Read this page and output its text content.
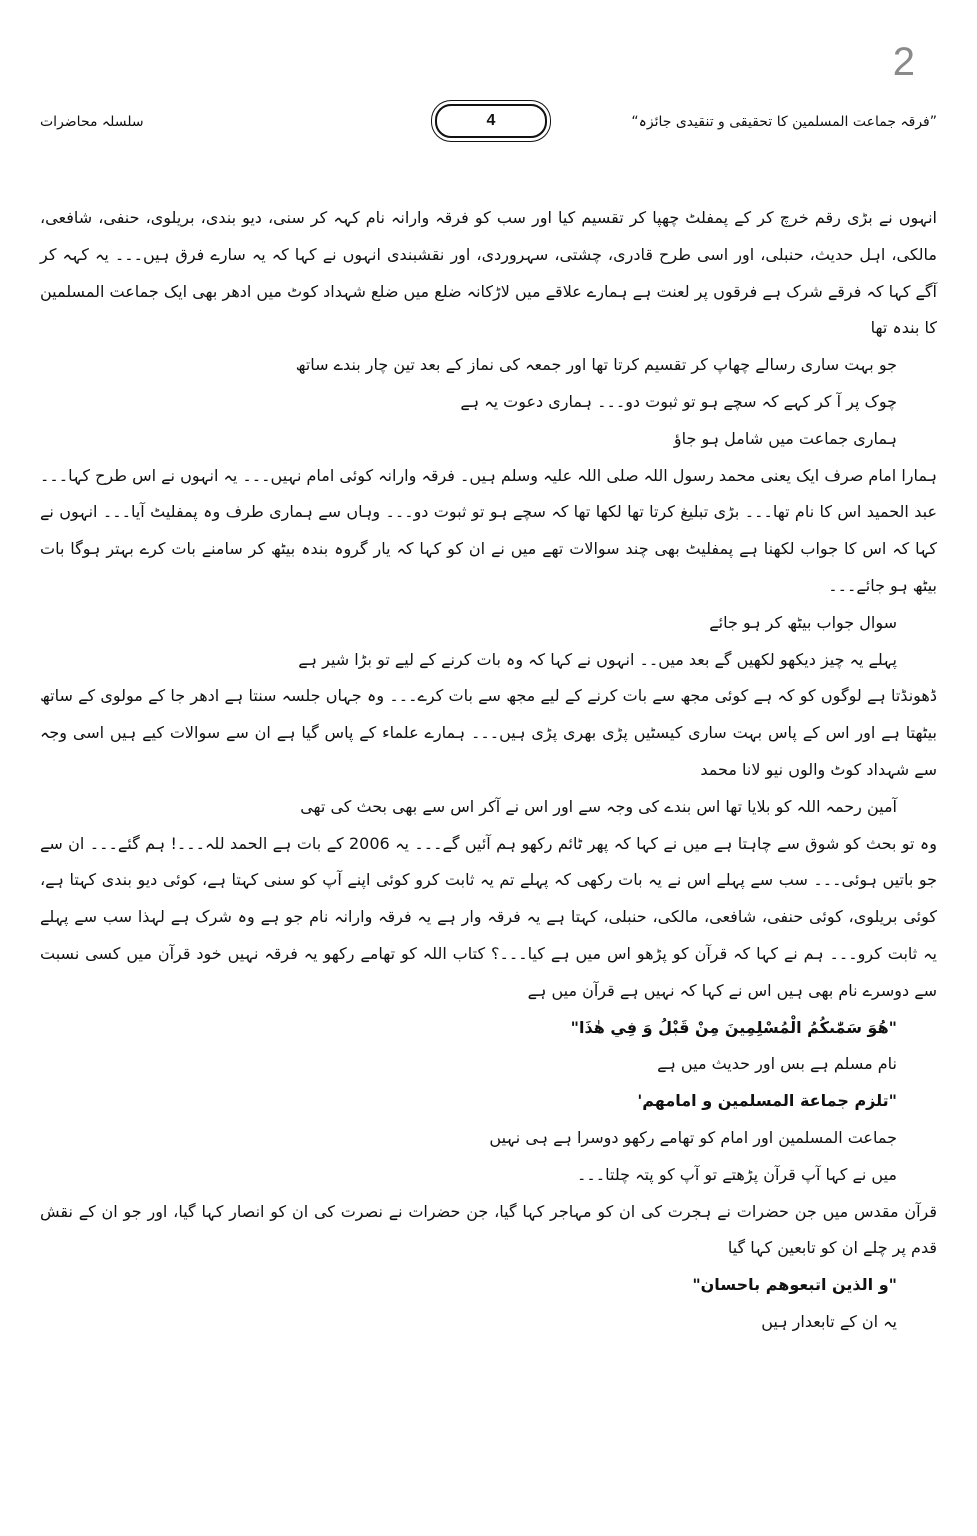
2
سلسلہ محاضرات	4	”فرقہ جماعت المسلمین کا تحقیقی و تنقیدی جائزہ“

انہوں نے بڑی رقم خرچ کر کے پمفلٹ چھپا کر تقسیم کیا اور سب کو فرقہ وارانہ نام کہہ کر سنی، دیو بندی، بریلوی، حنفی، شافعی، مالکی، اہل حدیث، حنبلی، اور اسی طرح قادری، چشتی، سہروردی، اور نقشبندی انہوں نے کہا کہ یہ سارے فرق ہیں۔۔۔ یہ کہہ کر آگے کہا کہ فرقے شرک ہے فرقوں پر لعنت ہے ہمارے علاقے میں لاڑکانہ ضلع میں ضلع شہداد کوٹ میں ادھر بھی ایک جماعت المسلمین کا بندہ تھا

جو بہت ساری رسالے چھاپ کر تقسیم کرتا تھا اور جمعہ کی نماز کے بعد تین چار بندے ساتھ

چوک پر آ کر کہے کہ سچے ہو تو ثبوت دو۔۔۔ ہماری دعوت یہ ہے

ہماری جماعت میں شامل ہو جاؤ

ہمارا امام صرف ایک یعنی محمد رسول اللہ صلی اللہ علیہ وسلم ہیں۔ فرقہ وارانہ کوئی امام نہیں۔۔۔ یہ انہوں نے اس طرح کہا۔۔۔ عبد الحمید اس کا نام تھا۔۔۔ بڑی تبلیغ کرتا تھا لکھا تھا کہ سچے ہو تو ثبوت دو۔۔۔ وہاں سے ہماری طرف وہ پمفلیٹ آیا۔۔۔ انہوں نے کہا کہ اس کا جواب لکھنا ہے پمفلیٹ بھی چند سوالات تھے میں نے ان کو کہا کہ یار گروہ بندہ بیٹھ کر سامنے بات کرے بہتر ہوگا بات بیٹھ ہو جائے۔۔۔

سوال جواب بیٹھ کر ہو جائے

پہلے یہ چیز دیکھو لکھیں گے بعد میں۔۔ انہوں نے کہا کہ وہ بات کرنے کے لیے تو بڑا شیر ہے

ڈھونڈتا ہے لوگوں کو کہ ہے کوئی مجھ سے بات کرنے کے لیے مجھ سے بات کرے۔۔۔ وہ جہاں جلسہ سنتا ہے ادھر جا کے مولوی کے ساتھ بیٹھتا ہے اور اس کے پاس بہت ساری کیسٹیں پڑی بھری پڑی ہیں۔۔۔ ہمارے علماء کے پاس گیا ہے ان سے سوالات کیے ہیں اسی وجہ سے شہداد کوٹ والوں نیو لانا محمد

آمین رحمہ اللہ کو بلایا تھا اس بندے کی وجہ سے اور اس نے آکر اس سے بھی بحث کی تھی

وہ تو بحث کو شوق سے چاہتا ہے میں نے کہا کہ پھر ٹائم رکھو ہم آئیں گے۔۔۔ یہ 2006 کے بات ہے الحمد للہ۔۔۔! ہم گئے۔۔۔ ان سے جو باتیں ہوئی۔۔۔ سب سے پہلے اس نے یہ بات رکھی کہ پہلے تم یہ ثابت کرو کوئی اپنے آپ کو سنی کہتا ہے، کوئی دیو بندی کہتا ہے، کوئی بریلوی، کوئی حنفی، شافعی، مالکی، حنبلی، کہتا ہے یہ فرقہ وار ہے یہ فرقہ وارانہ نام جو ہے وہ شرک ہے لہذا سب سے پہلے یہ ثابت کرو۔۔۔ ہم نے کہا کہ قرآن کو پڑھو اس میں ہے کیا۔۔۔؟ کتاب اللہ کو تھامے رکھو یہ فرقہ نہیں خود قرآن میں کسی نسبت سے دوسرے نام بھی ہیں اس نے کہا کہ نہیں ہے قرآن میں ہے

"هُوَ سَمّٰىكُمُ الْمُسْلِمِينَ مِنْ قَبْلُ وَ فِي هٰذَا"

نام مسلم ہے بس اور حدیث میں ہے

"تلزم جماعة المسلمين و امامهم'

جماعت المسلمین اور امام کو تھامے رکھو دوسرا ہے ہی نہیں

میں نے کہا آپ قرآن پڑھتے تو آپ کو پتہ چلتا۔۔۔

قرآن مقدس میں جن حضرات نے ہجرت کی ان کو مہاجر کہا گیا، جن حضرات نے نصرت کی ان کو انصار کہا گیا، اور جو ان کے نقش قدم پر چلے ان کو تابعین کہا گیا

"و الذين اتبعوهم باحسان"

یہ ان کے تابعدار ہیں
